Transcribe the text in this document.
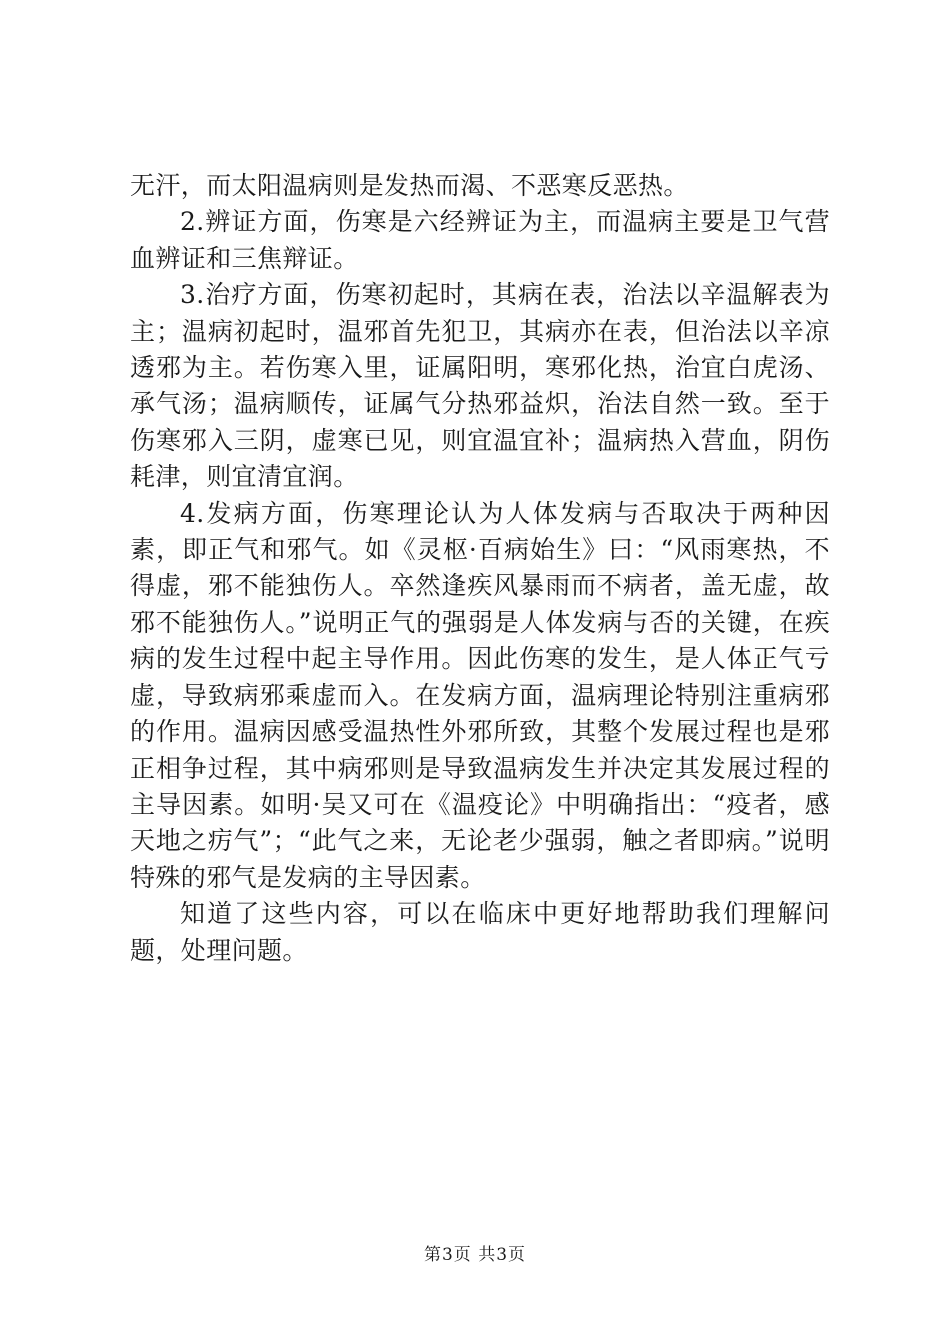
无汗，而太阳温病则是发热而渴、不恶寒反恶热。

2.辨证方面，伤寒是六经辨证为主，而温病主要是卫气营血辨证和三焦辩证。

3.治疗方面，伤寒初起时，其病在表，治法以辛温解表为主；温病初起时，温邪首先犯卫，其病亦在表，但治法以辛凉透邪为主。若伤寒入里，证属阳明，寒邪化热，治宜白虎汤、承气汤；温病顺传，证属气分热邪益炽，治法自然一致。至于伤寒邪入三阴，虚寒已见，则宜温宜补；温病热入营血，阴伤耗津，则宜清宜润。

4.发病方面，伤寒理论认为人体发病与否取决于两种因素，即正气和邪气。如《灵枢·百病始生》曰：“风雨寒热，不得虚，邪不能独伤人。卒然逢疾风暴雨而不病者，盖无虚，故邪不能独伤人。”说明正气的强弱是人体发病与否的关键，在疾病的发生过程中起主导作用。因此伤寒的发生，是人体正气亏虚，导致病邪乘虚而入。在发病方面，温病理论特别注重病邪的作用。温病因感受温热性外邪所致，其整个发展过程也是邪正相争过程，其中病邪则是导致温病发生并决定其发展过程的主导因素。如明·吴又可在《温疫论》中明确指出：“疫者，感天地之疠气”；“此气之来，无论老少强弱，触之者即病。”说明特殊的邪气是发病的主导因素。

知道了这些内容，可以在临床中更好地帮助我们理解问题，处理问题。

第3页 共3页
